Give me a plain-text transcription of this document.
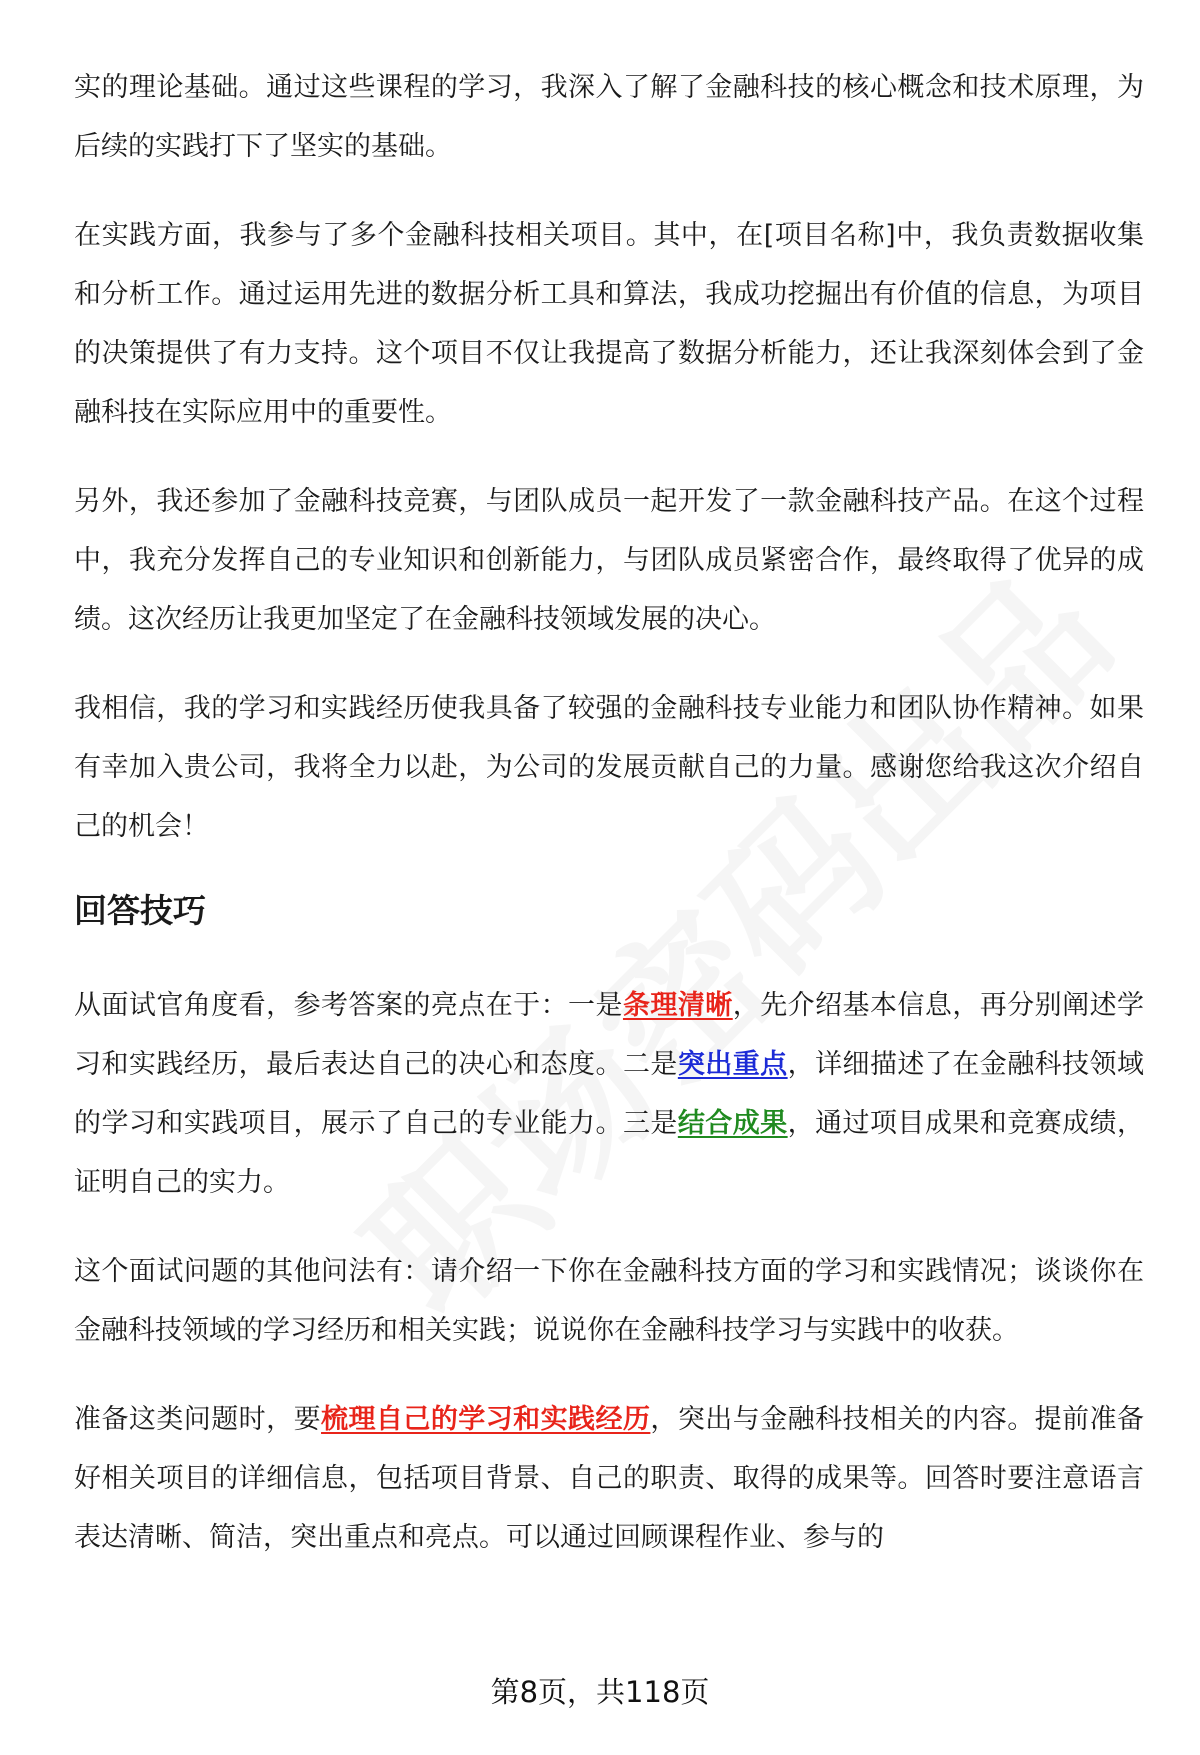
实的理论基础。通过这些课程的学习，我深入了解了金融科技的核心概念和技术原理，为后续的实践打下了坚实的基础。

在实践方面，我参与了多个金融科技相关项目。其中，在[项目名称]中，我负责数据收集和分析工作。通过运用先进的数据分析工具和算法，我成功挖掘出有价值的信息，为项目的决策提供了有力支持。这个项目不仅让我提高了数据分析能力，还让我深刻体会到了金融科技在实际应用中的重要性。

另外，我还参加了金融科技竞赛，与团队成员一起开发了一款金融科技产品。在这个过程中，我充分发挥自己的专业知识和创新能力，与团队成员紧密合作，最终取得了优异的成绩。这次经历让我更加坚定了在金融科技领域发展的决心。

我相信，我的学习和实践经历使我具备了较强的金融科技专业能力和团队协作精神。如果有幸加入贵公司，我将全力以赴，为公司的发展贡献自己的力量。感谢您给我这次介绍自己的机会！

回答技巧

从面试官角度看，参考答案的亮点在于：一是条理清晰，先介绍基本信息，再分别阐述学习和实践经历，最后表达自己的决心和态度。二是突出重点，详细描述了在金融科技领域的学习和实践项目，展示了自己的专业能力。三是结合成果，通过项目成果和竞赛成绩，证明自己的实力。

这个面试问题的其他问法有：请介绍一下你在金融科技方面的学习和实践情况；谈谈你在金融科技领域的学习经历和相关实践；说说你在金融科技学习与实践中的收获。

准备这类问题时，要梳理自己的学习和实践经历，突出与金融科技相关的内容。提前准备好相关项目的详细信息，包括项目背景、自己的职责、取得的成果等。回答时要注意语言表达清晰、简洁，突出重点和亮点。可以通过回顾课程作业、参与的

第8页，共118页
